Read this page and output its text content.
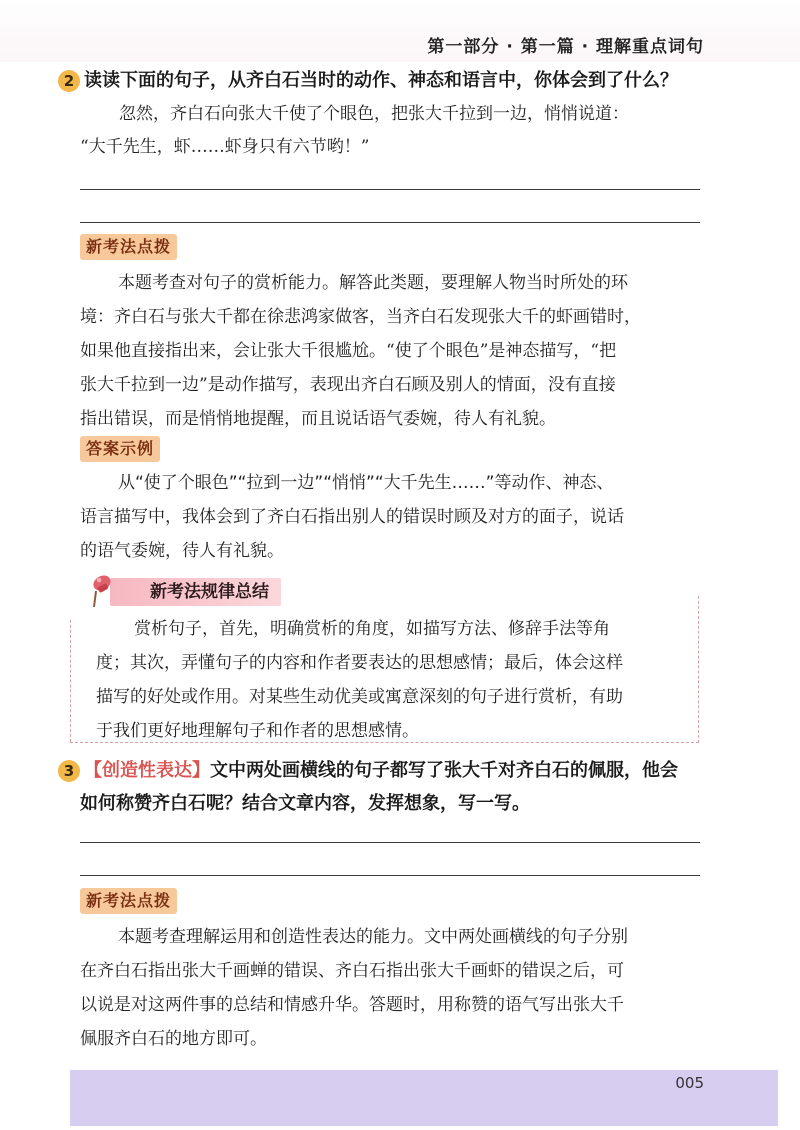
第一部分 · 第一篇 · 理解重点词句
2 读读下面的句子，从齐白石当时的动作、神态和语言中，你体会到了什么？
忽然，齐白石向张大千使了个眼色，把张大千拉到一边，悄悄说道：
“大千先生，虾……虾身只有六节哟！”
新考法点拨
本题考查对句子的赏析能力。解答此类题，要理解人物当时所处的环
境：齐白石与张大千都在徐悲鸿家做客，当齐白石发现张大千的虾画错时，
如果他直接指出来，会让张大千很尴尬。“使了个眼色”是神态描写，“把
张大千拉到一边”是动作描写，表现出齐白石顾及别人的情面，没有直接
指出错误，而是悄悄地提醒，而且说话语气委婉，待人有礼貌。
答案示例
从“使了个眼色”“拉到一边”“悄悄”“大千先生……”等动作、神态、
语言描写中，我体会到了齐白石指出别人的错误时顾及对方的面子，说话
的语气委婉，待人有礼貌。
新考法规律总结
赏析句子，首先，明确赏析的角度，如描写方法、修辞手法等角
度；其次，弄懂句子的内容和作者要表达的思想感情；最后，体会这样
描写的好处或作用。对某些生动优美或寓意深刻的句子进行赏析，有助
于我们更好地理解句子和作者的思想感情。
3 【创造性表达】文中两处画横线的句子都写了张大千对齐白石的佩服，他会
如何称赞齐白石呢？结合文章内容，发挥想象，写一写。
新考法点拨
本题考查理解运用和创造性表达的能力。文中两处画横线的句子分别
在齐白石指出张大千画蝉的错误、齐白石指出张大千画虾的错误之后，可
以说是对这两件事的总结和情感升华。答题时，用称赞的语气写出张大千
佩服齐白石的地方即可。
005
